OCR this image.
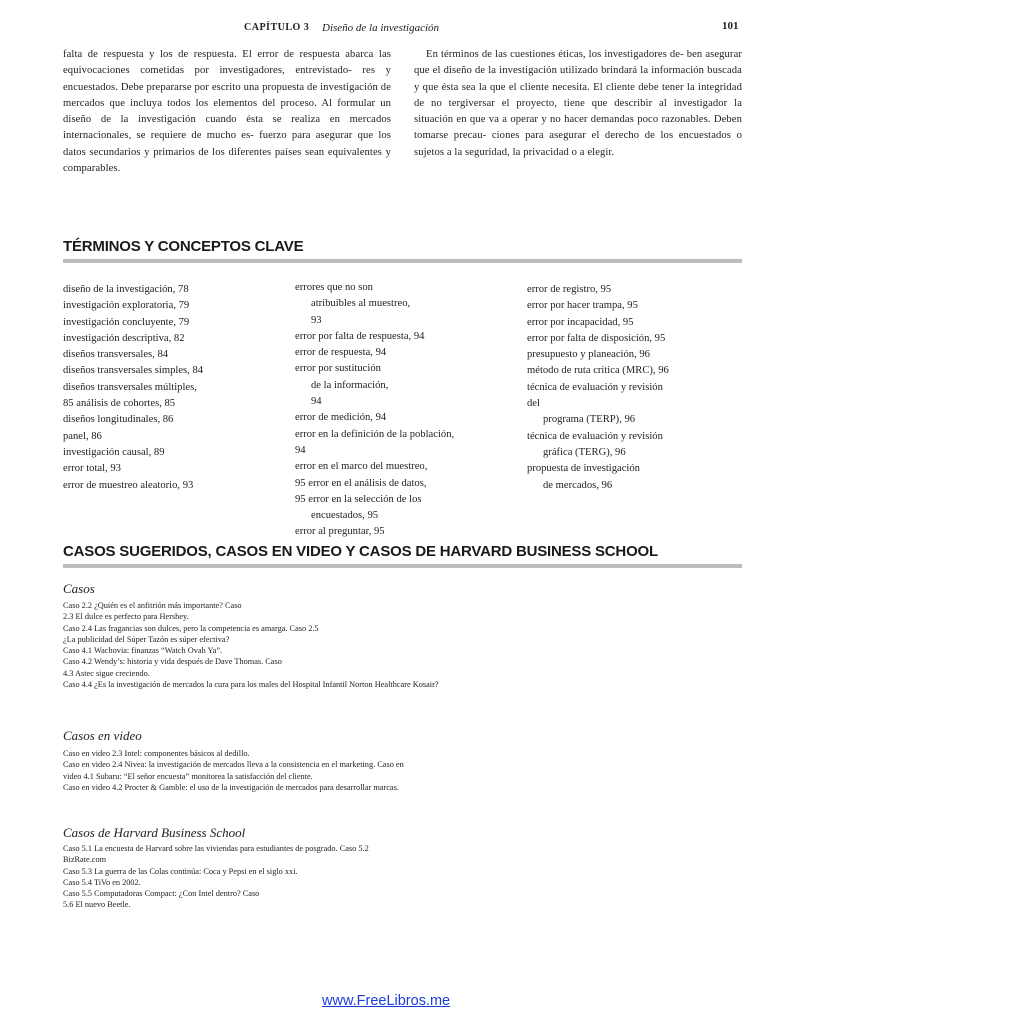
CAPÍTULO 3 Diseño de la investigación	101

falta de respuesta y los de respuesta. El error de respuesta abarca las equivocaciones cometidas por investigadores, entrevistado- res y encuestados. Debe prepararse por escrito una propuesta de investigación de mercados que incluya todos los elementos del proceso. Al formular un diseño de la investigación cuando ésta se realiza en mercados internacionales, se requiere de mucho es- fuerzo para asegurar que los datos secundarios y primarios de los diferentes países sean equivalentes y comparables.

En términos de las cuestiones éticas, los investigadores de- ben asegurar que el diseño de la investigación utilizado brindará la información buscada y que ésta sea la que el cliente necesita. El cliente debe tener la integridad de no tergiversar el proyecto, tiene que describir al investigador la situación en que va a operar y no hacer demandas poco razonables. Deben tomarse precau- ciones para asegurar el derecho de los encuestados o sujetos a la seguridad, la privacidad o a elegir.

TÉRMINOS Y CONCEPTOS CLAVE
diseño de la investigación, 78
investigación exploratoria, 79
investigación concluyente, 79
investigación descriptiva, 82
diseños transversales, 84
diseños transversales simples, 84
diseños transversales múltiples,
85 análisis de cohortes, 85
diseños longitudinales, 86
panel, 86
investigación causal, 89
error total, 93
error de muestreo aleatorio, 93
errores que no son
atribuibles al muestreo,
93
error por falta de respuesta, 94
error de respuesta, 94
error por sustitución
de la información,
94
error de medición, 94
error en la definición de la población,
94
error en el marco del muestreo,
95 error en el análisis de datos,
95 error en la selección de los
encuestados, 95
error al preguntar, 95
error de registro, 95
error por hacer trampa, 95
error por incapacidad, 95
error por falta de disposición, 95
presupuesto y planeación, 96
método de ruta crítica (MRC), 96
técnica de evaluación y revisión
del
programa (TERP), 96
técnica de evaluación y revisión
gráfica (TERG), 96
propuesta de investigación
de mercados, 96
CASOS SUGERIDOS, CASOS EN VIDEO Y CASOS DE HARVARD BUSINESS SCHOOL
Casos
Caso 2.2 ¿Quién es el anfitrión más importante? Caso
2.3 El dulce es perfecto para Hershey.
Caso 2.4 Las fragancias son dulces, pero la competencia es amarga. Caso 2.5
¿La publicidad del Súper Tazón es súper efectiva?
Caso 4.1 Wachovia: finanzas “Watch Ovah Ya”.
Caso 4.2 Wendy’s: historia y vida después de Dave Thomas. Caso
4.3 Astec sigue creciendo.
Caso 4.4 ¿Es la investigación de mercados la cura para los males del Hospital Infantil Norton Healthcare Kosair?
Casos en video
Caso en video 2.3 Intel: componentes básicos al dedillo.
Caso en video 2.4 Nivea: la investigación de mercados lleva a la consistencia en el marketing. Caso en
video 4.1 Subaru: “El señor encuesta” monitorea la satisfacción del cliente.
Caso en video 4.2 Procter & Gamble: el uso de la investigación de mercados para desarrollar marcas.
Casos de Harvard Business School
Caso 5.1 La encuesta de Harvard sobre las viviendas para estudiantes de posgrado. Caso 5.2
BizRate.com
Caso 5.3 La guerra de las Colas continúa: Coca y Pepsi en el siglo xxi.
Caso 5.4 TiVo en 2002.
Caso 5.5 Computadoras Compact: ¿Con Intel dentro? Caso
5.6 El nuevo Beetle.
www.FreeLibros.me
